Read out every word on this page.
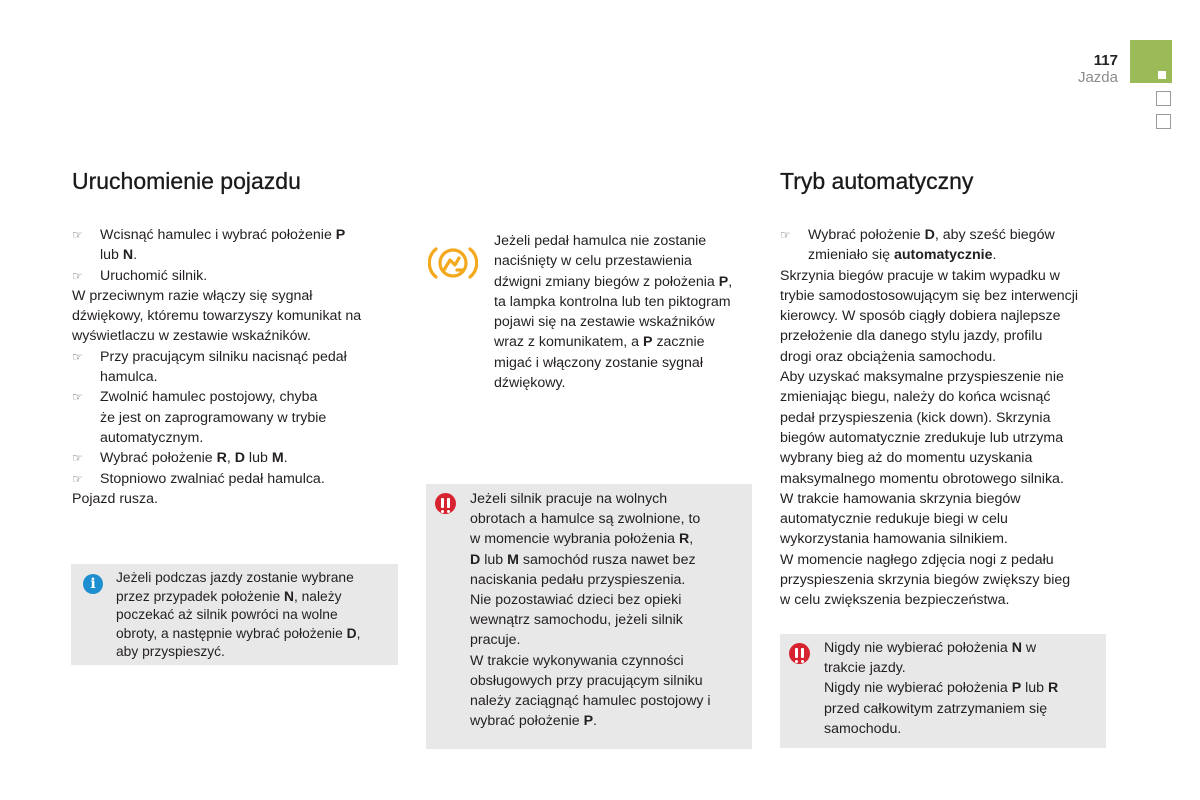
117
Jazda
Uruchomienie pojazdu
☞ Wcisnąć hamulec i wybrać położenie P
lub N.
☞ Uruchomić silnik.
W przeciwnym razie włączy się sygnał
dźwiękowy, któremu towarzyszy komunikat na
wyświetlaczu w zestawie wskaźników.
☞ Przy pracującym silniku nacisnąć pedał
hamulca.
☞ Zwolnić hamulec postojowy, chyba
że jest on zaprogramowany w trybie
automatycznym.
☞ Wybrać położenie R, D lub M.
☞ Stopniowo zwalniać pedał hamulca.
Pojazd rusza.
i	Jeżeli podczas jazdy zostanie wybrane
przez przypadek położenie N, należy
poczekać aż silnik powróci na wolne
obroty, a następnie wybrać położenie D,
aby przyspieszyć.
Jeżeli pedał hamulca nie zostanie
naciśnięty w celu przestawienia
dźwigni zmiany biegów z położenia P,
ta lampka kontrolna lub ten piktogram
pojawi się na zestawie wskaźników
wraz z komunikatem, a P zacznie
migać i włączony zostanie sygnał
dźwiękowy.
Jeżeli silnik pracuje na wolnych
obrotach a hamulce są zwolnione, to
w momencie wybrania położenia R,
D lub M samochód rusza nawet bez
naciskania pedału przyspieszenia.
Nie pozostawiać dzieci bez opieki
wewnątrz samochodu, jeżeli silnik
pracuje.
W trakcie wykonywania czynności
obsługowych przy pracującym silniku
należy zaciągnąć hamulec postojowy i
wybrać położenie P.
Tryb automatyczny
☞ Wybrać położenie D, aby sześć biegów
zmieniało się automatycznie.
Skrzynia biegów pracuje w takim wypadku w
trybie samodostosowującym się bez interwencji
kierowcy. W sposób ciągły dobiera najlepsze
przełożenie dla danego stylu jazdy, profilu
drogi oraz obciążenia samochodu.
Aby uzyskać maksymalne przyspieszenie nie
zmieniając biegu, należy do końca wcisnąć
pedał przyspieszenia (kick down). Skrzynia
biegów automatycznie zredukuje lub utrzyma
wybrany bieg aż do momentu uzyskania
maksymalnego momentu obrotowego silnika.
W trakcie hamowania skrzynia biegów
automatycznie redukuje biegi w celu
wykorzystania hamowania silnikiem.
W momencie nagłego zdjęcia nogi z pedału
przyspieszenia skrzynia biegów zwiększy bieg
w celu zwiększenia bezpieczeństwa.
Nigdy nie wybierać położenia N w
trakcie jazdy.
Nigdy nie wybierać położenia P lub R
przed całkowitym zatrzymaniem się
samochodu.
